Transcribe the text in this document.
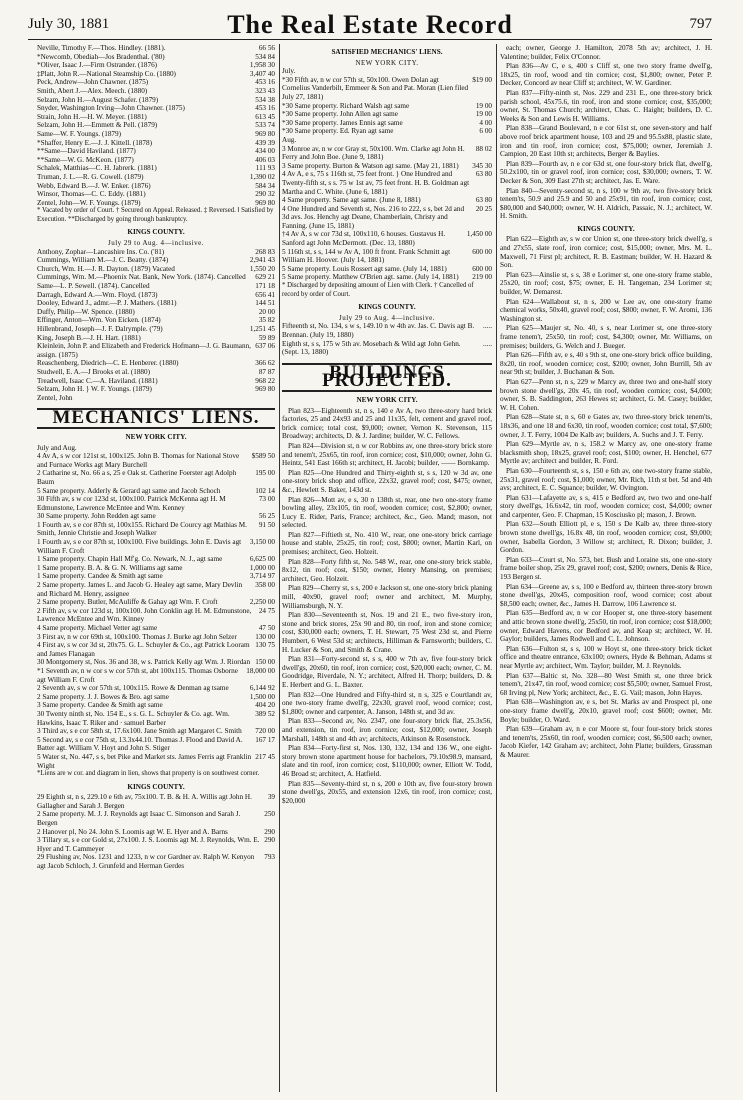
July 30, 1881	The Real Estate Record	797
Neville, Timothy F.—Thos. Hindley. (1881).	66 56
*Newcomb, Obediah—Jos Bradenthal. ('80)	534 84
*Oliver, Isaac J.—Firm Ostrander. (1876)	1,958 30
‡Platt, John R.—National Steamship Co. (1880)	3,407 40
Peck, Andrew—John Chawner. (1875)	453 16
Smith, Abert J.—Alex. Meech. (1880)	323 43
Selzam, John H.—August Schafer. (1879)	534 38
Snyder, Washington Irving—John Chawner. (1875)	453 16
Strain, John H.—H. W. Meyer. (1881)	613 45
Selzam, John H.—Emmett & Pell. (1879)	533 74
Same—W. F. Youngs. (1879)	969 80
*Shaffer, Henry E.—J. J. Kittell. (1878)	439 39
**Same—David Haviland. (1877)	434 00
**Same—W. G. McKeon. (1877)	406 03
Schalek, Matthias—C. H. Jabrerk. (1881)	111 93
Truman, J. L.—R. G. Cowell. (1879)	1,390 02
Webb, Edward B.—J. W. Enker. (1876)	584 34
Winsor, Thomas—C. C. Eddy. (1881)	290 32
Zentel, John—W. F. Youngs. (1879)	969 80
* Vacated by order of Court. † Secured on Appeal. Released. ‡ Reversed. ‖ Satisfied by Execution. **Discharged by going through bankruptcy.
KINGS COUNTY.
July 29 to Aug. 4—inclusive.
Anthony, Zophar—Lancashire Ins. Co. ('81)	268 83
Cummings, William M.—J. C. Beatty. (1874)	2,941 43
Church, Wm. H.—J. R. Dayton. (1879) Vacated	1,550 20
Cummings, Wm. M.—Phoenix Nat. Bank, New York. (1874). Cancelled	629 21
Same—L. P. Sewell. (1874). Cancelled	171 18
Darragh, Edward A.—Wm. Floyd. (1873)	656 41
Dooley, Edward J., admr.—P. J. Mathers. (1881)	144 51
Duffy, Philip—W. Spence. (1880)	20 00
Effinger, Anton—Wm. Von Eicken. (1874)	35 82
Hillenbrand, Joseph—J. F. Dalrymple. ('79)	1,251 45
King, Joseph B.—J. H. Hart. (1881)	59 89
Kleinlein, John P. and Elizabeth and Frederick Hofmann—J. G. Baumann, assign. (1875)
637 06
Reaschenberg, Diedrich—C. E. Henberer. (1880)	366 62
Studwell, E. A.—J Brooks et al. (1880)	87 87
Treadwell, Isaac C.—A. Haviland. (1881)	968 22
Selzam, John H. } W. F. Youngs. (1879)	969 80
Zentel, John
MECHANICS' LIENS.
NEW YORK CITY.
July and Aug.
4 Av A, s w cor 121st st, 100x125. John B. Thomas for National Stove and Furnace Works agt Mary Burchell
$589 50
2 Catharine st, No. 66 a s, 25 e Oak st. Catherine Foerster agt Adolph Baum
195 00
5 Same property. Adderly & Gerard agt same and Jacob Schoch	102 14
30 Fifth av, s w cor 123d st, 100x100. Patrick McKenna agt H. M Edmunstone, Lawrence McEntee and Wm. Kenney
73 00
30 Same property. John Redden agt same	56 25
1 Fourth av, s e cor 87th st, 100x155. Richard De Courcy agt Mathias M. Smith, Jennie Christie and Joseph Walker
91 50
1 Fourth av, s e cor 87th st, 100x100. Five buildings. John E. Davis agt William F. Croft
3,150 00
1 Same property. Chapin Hall Mf'g. Co. Newark, N. J., agt same	6,625 00
1 Same property. B. A. & G. N. Williams agt same	1,000 00
1 Same property. Candee & Smith agt same	3,714 97
2 Same property. James L. and Jacob G. Healey agt same, Mary Devlin and Richard M. Henry, assignee
358 00
2 Same property. Butler, McAuliffe & Gahay agt Wm. F. Croft	2,250 00
2 Fifth av, s w cor 123d st, 100x100. John Conklin agt H. M. Edmunstone, Lawrence McEntee and Wm. Kinney
24 75
4 Same property. Michael Vetter agt same	47 50
3 First av, n w cor 69th st, 100x100. Thomas J. Burke agt John Selzer	130 00
4 First av, s w cor 3d st, 20x75. G. L. Schuyler & Co., agt Patrick Looram and James Flanagan
130 75
30 Montgomery st, Nos. 36 and 38, w s. Patrick Kelly agt Wm. J. Riordan 150 00
*1 Seventh av, n w cor s w cor 57th st, abt 100x115. Thomas Osborne agt William F. Croft
18,000 00
2 Seventh av, s w cor 57th st, 100x115. Rowe & Denman ag tsame	6,144 92
2 Same property. J. J. Bowes & Bro. agt same	1,500 00
3 Same property. Candee & Smith agt same	404 20
30 Twenty ninth st, No. 154 E., s s. G. L. Schuyler & Co. agt. Wm. Hawkins, Isaac T. Riker and · samuel Barber
389 52
3 Third av, s e cor 58th st, 17.6x100. Jane Smith agt Margaret C. Smith	720 00
5 Second av, s e cor 75th st, 13.3x44.10. Thomas J. Flood and David A. Batter agt. William V. Hoyt and John S. Stiger
167 17
5 Water st, No. 447, s s, bet Pike and Market sts. James Ferris agt Franklin Wight
217 45
*Liens are w cor. and diagram in lien, shows that property is on southwest corner.
KINGS COUNTY.
29 Eighth st, n s, 229.10 e 6th av, 75x100. T. B. & H. A. Willis agt John H. Gallagher and Sarah J. Bergen
39
2 Same property. M. J. J. Reynolds agt Isaac C. Simonson and Sarah J. Bergen
250
2 Hanover pl, No 24. John S. Loomis agt W. E. Hyer and A. Barns	290
3 Tillary st, s e cor Gold st, 27x100. J. S. Loomis agt M. J. Reynolds, Wm. E. Hyer and T. Cammeyer
290
29 Flushing av, Nos. 1231 and 1233, n w cor Gardner av. Ralph W. Kenyon agt Jacob Schloch, J. Grunfeld and Herman Gerdes
793
SATISFIED MECHANICS' LIENS.
NEW YORK CITY.
July.
*30 Fifth av, n w cor 57th st, 50x100. Owen Dolan agt Cornelius Vanderbilt, Emmeer & Son and Pat. Moran (Lien filed July 27, 1881)
$19 00
*30 Same property. Richard Walsh agt same	19 00
*30 Same property. John Allen agt same	19 00
*30 Same property. James Ennis agt same	4 00
*30 Same property. Ed. Ryan agt same	6 00
Aug.
3 Monroe av, n w cor Gray st, 50x100. Wm. Clarke agt John H. Ferry and John Boe. (June 9, 1881)
88 02
3 Same property. Burton & Watson agt same. (May 21, 1881)	345 30
4 Av A, e s, 75 s 116th st, 75 feet front. } One Hundred and Twenty-fifth st, s s. 75 w 1st av, 75 feet front. H. B. Goldman agt Martha and C. White. (June 6, 1881)
63 80
4 Same property. Same agt same. (June 8, 1881)	63 80
4 One Hundred and Seventh st, Nos. 216 to 222, s s, bet 2d and 3d avs. Jos. Henchy agt Deane, Chamberlain, Christy and Fanning. (June 15, 1881)
20 25
†4 Av A, s w cor 73d st, 100x110, 6 houses. Gustavus H. Sanford agt John McDermott. (Dec. 13, 1880)
1,450 00
5 116th st, s s, 144 w Av A, 100 ft front. Frank Schmitt agt William H. Hoover. (July 14, 1881)
600 00
5 Same property. Louis Rossert agt same. (July 14, 1881)	600 00
5 Same property. Matthew O'Brien agt. same. (July 14, 1881)	219 00
* Discharged by depositing amount of Lien with Clerk. † Cancelled of record by order of Court.
KINGS COUNTY.
July 29 to Aug. 4—inclusive.
Fifteenth st, No. 134, s w s, 149.10 n w 4th av. Jas. C. Davis agt B. Brennan. (July 19, 1880)
.....
Eighth st, s s, 175 w 5th av. Mosebach & Wild agt John Gehn. (Sept. 13, 1880)
.....
BUILDINGS PROJECTED.
NEW YORK CITY.
Plan 823—Eighteenth st, n s, 140 e Av A, two three-story hard brick factories, 25 and 24x93 and 25 and 11x35, felt, cement and gravel roof, brick cornice; total cost, $9,000; owner, Vernon K. Stevenson, 115 Broadway; architects, D. & J. Jardine; builder, W. C. Fellows.
Plan 824—Division st, n w cor Robbins av, one three-story brick store and tenem't, 25x65, tin roof, iron cornice; cost, $10,000; owner, John G. Heintz, 541 East 166th st; architect, H. Jacobi; builder, —— Bornkamp.
Plan 825—One Hundred and Thirty-eighth st, s s, 120 w 3d av, one one-story brick shop and office, 22x32, gravel roof; cost, $475; owner, &c., Hewlett S. Baker, 143d st.
Plan 826—Mott av, e s, 30 n 138th st, rear, one two one-story frame bowling alley, 23x105, tin roof, wooden cornice; cost, $2,800; owner, Lucy E. Rider, Paris, France; architect, &c., Geo. Mand; mason, not selected.
Plan 827—Fiftieth st, No. 410 W., rear, one one-story brick carriage house and stable, 25x25, tin roof; cost, $800; owner, Martin Karl, on premises; architect, Geo. Holzeit.
Plan 828—Forty fifth st, No. 548 W., rear, one one-story brick stable, 8x12, tin roof; cost, $150; owner, Henry Mansing, on premises; architect, Geo. Holzeit.
Plan 829—Cherry st, s s, 200 e Jackson st, one one-story brick planing mill, 40x90, gravel roof; owner and architect, M. Murphy, Williamsburgh, N. Y.
Plan 830—Seventeenth st, Nos. 19 and 21 E., two five-story iron, stone and brick stores, 25x 90 and 80, tin roof, iron and stone cornice; cost, $30,000 each; owners, T. H. Stewart, 75 West 23d st, and Pierre Humbert, 6 West 53d st; architects, Hilliman & Farnsworth; builders, C. H. Lucker & Son, and Smith & Crane.
Plan 831—Forty-second st, s s, 400 w 7th av, five four-story brick dwell'gs, 20x60, tin roof, iron cornice; cost, $20,000 each; owner, C. M. Goodridge, Riverdale, N. Y.; architect, Alfred H. Thorp; builders, D. & E. Herbert and G. L. Baxter.
Plan 832—One Hundred and Fifty-third st, n s, 325 e Courtlandt av, one two-story frame dwell'g, 22x30, gravel roof, wood cornice; cost, $1,800; owner and carpenter, A. Janson, 148th st, and 3d av.
Plan 833—Second av, No. 2347, one four-story brick flat, 25.3x56, and extension, tin roof, iron cornice; cost, $12,000; owner, Joseph Marshall, 148th st and 4th av; architects, Atkinson & Rosenstock.
Plan 834—Forty-first st, Nos. 130, 132, 134 and 136 W., one eight-story brown stone apartment house for bachelors, 79.10x98.9, mansard, slate and tin roof, iron cornice; cost, $110,000; owner, Elliott W. Todd, 46 Broad st; architect, A. Hatfield.
Plan 835—Seventy-third st, n s, 200 e 10th av, five four-story brown stone dwell'gs, 20x55, and extension 12x6, tin roof, iron cornice; cost, $20,000
each; owner, George J. Hamilton, 2078 5th av; architect, J. H. Valentine; builder, Felix O'Connor.
Plan 836—Av C, e s, 400 s Cliff st, one two story frame dwell'g, 18x25, tin roof, wood and tin cornice; cost, $1,800; owner, Peter P. Decker, Concord av near Cliff st; architect, W. W. Gardiner.
Plan 837—Fifty-ninth st, Nos. 229 and 231 E., one three-story brick parish school, 45x75.6, tin roof, iron and stone cornice; cost, $35,000; owner, St. Thomas Church; architect, Chas. C. Haight; builders, D. C. Weeks & Son and Lewis H. Williams.
Plan 838—Grand Boulevard, n e cor 61st st, one seven-story and half above roof brick apartment house, 103 and 29 and 95.5x88, plastic slate, iron and tin roof, iron cornice; cost, $75,000; owner, Jeremiah J. Campion, 20 East 10th st; architects, Berger & Baylies.
Plan 839—Fourth av, n e cor 63d st, one four-story brick flat, dwell'g, 50.2x100, tin or gravel roof, iron cornice; cost, $30,000; owners, T. W. Decker & Son, 309 East 27th st; architect, Jas. E. Ware.
Plan 840—Seventy-second st, n s, 100 w 9th av, two five-story brick tenem'ts, 50.9 and 25.9 and 50 and 25x91, tin roof, iron cornice; cost, $80,000 and $40,000; owner, W. H. Aldrich, Passaic, N. J.; architect, W. H. Smith.
KINGS COUNTY.
Plan 622—Eighth av, s w cor Union st, one three-story brick dwell'g, s and 27x55, slate roof, iron cornice; cost, $15,000; owner, Mrs. M. L. Maxwell, 71 First pl; architect, R. B. Eastman; builder, W. H. Hazard & Son.
Plan 623—Ainslie st, s s, 38 e Lorimer st, one one-story frame stable, 25x20, tin roof; cost, $75; owner, E. H. Tangeman, 234 Lorimer st; builder, W. Demarest.
Plan 624—Wallabout st, n s, 200 w Lee av, one one-story frame chemical works, 50x40, gravel roof; cost, $800; owner, F. W. Aromi, 136 Washington st.
Plan 625—Maujer st, No. 40, s s, near Lorimer st, one three-story frame tenem't, 25x50, tin roof; cost, $4,300; owner, Mr. Williams, on premises; builders, G. Welch and J. Bueger.
Plan 626—Fifth av, e s, 40 s 9th st, one one-story brick office building, 8x20, tin roof, wooden cornice; cost, $200; owner, John Burrill, 5th av near 9th st; builder, J. Buchanan & Son.
Plan 627—Penn st, n s, 229 w Marcy av, three two and one-half story brown stone dwell'gs, 20x 45, tin roof, wooden cornice; cost, $4,000; owner, S. B. Saddington, 263 Hewes st; architect, G. M. Casey; builder, W. H. Cohen.
Plan 628—State st, n s, 60 e Gates av, two three-story brick tenem'ts, 18x36, and one 18 and 6x30, tin roof, wooden cornice; cost total, $7,600; owner, J. T. Ferry, 1004 De Kalb av; builders, A. Suchs and J. T. Ferry.
Plan 629—Myrtle av, n s, 158.2 w Marcy av, one one-story frame blacksmith shop, 18x25, gravel roof; cost, $100; owner, H. Henchel, 677 Myrtle av; architect and builder, R. Ford.
Plan 630—Fourteenth st, s s, 150 e 6th av, one two-story frame stable, 25x31, gravel roof; cost, $1,000; owner, Mr. Rich, 11th st bet. 5d and 4th avs; architect, E. C. Squance; builder, W. Ovington.
Plan 631—Lafayette av, s s, 415 e Bedford av, two two and one-half story dwell'gs, 16.6x42, tin roof, wooden cornice; cost, $4,000; owner and carpenter, Geo. F. Chapman, 15 Kosciusko pl; mason, J. Brown.
Plan 632—South Elliott pl, e s, 150 s De Kalb av, three three-story brown stone dwell'gs, 16.8x 48, tin roof, wooden cornice; cost, $9,000; owner, Isabella Gordon, 3 Willow st; architect, R. Dixon; builder, J. Gordon.
Plan 633—Court st, No. 573, bet. Bush and Loraine sts, one one-story frame boiler shop, 25x 29, gravel roof; cost, $200; owners, Denis & Rice, 193 Bergen st.
Plan 634—Greene av, s s, 100 e Bedford av, thirteen three-story brown stone dwell'gs, 20x45, composition roof, wood cornice; cost about $8,500 each; owner, &c., James H. Darrow, 106 Lawrence st.
Plan 635—Bedford av, n w cor Hooper st, one three-story basement and attic brown stone dwell'g, 25x50, tin roof, iron cornice; cost $18,000; owner, Edward Havens, cor Bedford av, and Keap st; architect, W. H. Gaylor; builders, James Rodwell and C. L. Johnson.
Plan 636—Fulton st, s s, 100 w Hoyt st, one three-story brick ticket office and theatre entrance, 63x100; owners, Hyde & Behman, Adams st near Myrtle av; architect, Wm. Taylor; builder, M. J. Reynolds.
Plan 637—Baltic st, No. 328—80 West Smith st, one three brick tenem't, 21x47, tin roof, wood cornice; cost $5,500; owner, Samuel Frost, 68 Irving pl, New York; architect, &c., E. G. Vail; mason, John Hayes.
Plan 638—Washington av, e s, bet St. Marks av and Prospect pl, one one-story frame dwell'g, 20x10, gravel roof; cost $600; owner, Mr. Boyle; builder, O. Ward.
Plan 639—Graham av, n e cor Moore st, four four-story brick stores and tenem'ts, 25x60, tin roof, wooden cornice; cost, $6,500 each; owner, Jacob Kiefer, 142 Graham av; architect, John Platte; builders, Grassman & Maurer.
